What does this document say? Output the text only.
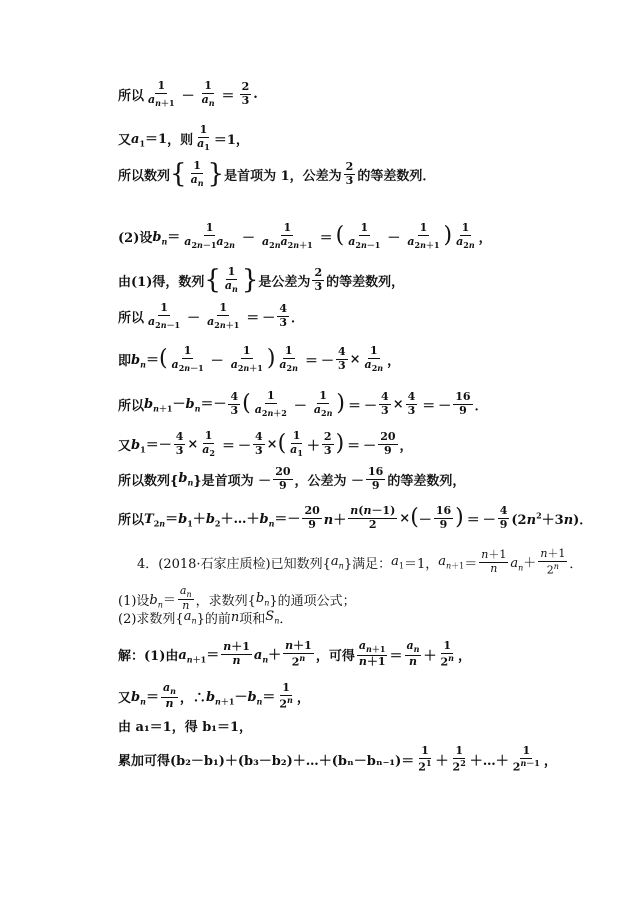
所以 $\frac{1}{a_{n+1}} - \frac{1}{a_n} = \frac{2}{3}$ .
又 $a_1=1$ ，则 $\frac{1}{a_1} =1$，
所以数列 { $\frac{1}{a_n}$ } 是首项为 1，公差为 $\frac{2}{3}$ 的等差数列．
(2)设 $b_n= \frac{1}{a_{2n-1}a_{2n}} - \frac{1}{a_{2n}a_{2n+1}}$ ＝ ( $\frac{1}{a_{2n-1}} - \frac{1}{a_{2n+1}}$ ) $\frac{1}{a_{2n}}$ ，
由(1)得，数列 { $\frac{1}{a_n}$ } 是公差为 $\frac{2}{3}$ 的等差数列，
所以 $\frac{1}{a_{2n-1}} - \frac{1}{a_{2n+1}}$ ＝ － $\frac{4}{3}$ ．
即 $b_n=$ ( $\frac{1}{a_{2n-1}} - \frac{1}{a_{2n+1}}$ ) $\frac{1}{a_{2n}}$ ＝ － $\frac{4}{3} \times \frac{1}{a_{2n}}$ ，
所以 $b_{n+1}-b_n=- \frac{4}{3}$ ( $\frac{1}{a_{2n+2}} - \frac{1}{a_{2n}}$ ) ＝ － $\frac{4}{3} \times \frac{4}{3}$ ＝ － $\frac{16}{9}$ ．
又 $b_1=- \frac{4}{3} \times \frac{1}{a_2}$ ＝ － $\frac{4}{3}$ × ( $\frac{1}{a_1} + \frac{2}{3}$ ) ＝ － $\frac{20}{9}$ ，
所以数列{ $b_n$ }是首项为 － $\frac{20}{9}$ ，公差为 － $\frac{16}{9}$ 的等差数列，
所以 $T_{2n}=b_1+b_2+\dots+b_n=- \frac{20}{9} n+ \frac{n(n-1)}{2}$ × ( － $\frac{16}{9}$ ) ＝ － $\frac{4}{9} (2n^2+3n)$．
4．(2018·石家庄质检)已知数列{ $a_n$ }满足： $a_1 =1$， $a_{n+1} = \frac{n+1}{n} a_n+ \frac{n+1}{2^n}$ ．
(1)设 $b_n= \frac{a_n}{n}$ ，求数列{ $b_n$ }的通项公式；
(2)求数列{ $a_n$ }的前 n 项和 $S_n$ ．
解：(1)由 $a_{n+1}= \frac{n+1}{n} a_n+ \frac{n+1}{2^n}$ ，可得 $\frac{a_{n+1}}{n+1} = \frac{a_n}{n} + \frac{1}{2^n}$ ，
又 $b_n= \frac{a_n}{n}$ ，∴ $b_{n+1}-b_n= \frac{1}{2^n}$ ，
由 a₁＝1，得 b₁＝1，
累加可得(b₂－b₁)＋(b₃－b₂)＋…＋(bₙ－bₙ₋₁)＝ $\frac{1}{2^1} + \frac{1}{2^2}$ ＋…＋ $\frac{1}{2^{n-1}}$ ，
